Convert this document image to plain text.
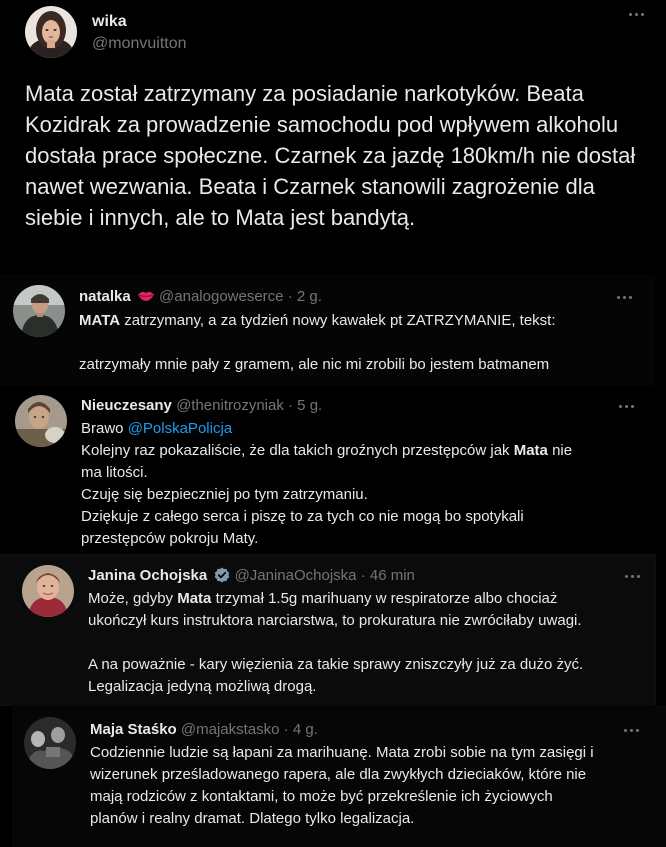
wika
@monvuitton
Mata został zatrzymany za posiadanie narkotyków. Beata Kozidrak za prowadzenie samochodu pod wpływem alkoholu dostała prace społeczne. Czarnek za jazdę 180km/h nie dostał nawet wezwania. Beata i Czarnek stanowili zagrożenie dla siebie i innych, ale to Mata jest bandytą.
natalka @analogoweserce · 2 g.

MATA zatrzymany, a za tydzień nowy kawałek pt ZATRZYMANIE, tekst:

zatrzymały mnie pały z gramem, ale nic mi zrobili bo jestem batmanem

Nieuczesany @thenitrozyniak · 5 g.

Brawo @PolskaPolicja

Kolejny raz pokazaliście, że dla takich groźnych przestępców jak Mata nie

ma litości.

Czuję się bezpieczniej po tym zatrzymaniu.

Dziękuje z całego serca i piszę to za tych co nie mogą bo spotykali

przestępców pokroju Maty.

Janina Ochojska @JaninaOchojska · 46 min

Może, gdyby Mata trzymał 1.5g marihuany w respiratorze albo chociaż

ukończył kurs instruktora narciarstwa, to prokuratura nie zwróciłaby uwagi.

A na poważnie - kary więzienia za takie sprawy zniszczyły już za dużo żyć.

Legalizacja jedyną możliwą drogą.

Maja Staśko @majakstasko · 4 g.

Codziennie ludzie są łapani za marihuanę. Mata zrobi sobie na tym zasięgi i

wizerunek prześladowanego rapera, ale dla zwykłych dzieciaków, które nie

mają rodziców z kontaktami, to może być przekreślenie ich życiowych

planów i realny dramat. Dlatego tylko legalizacja.
